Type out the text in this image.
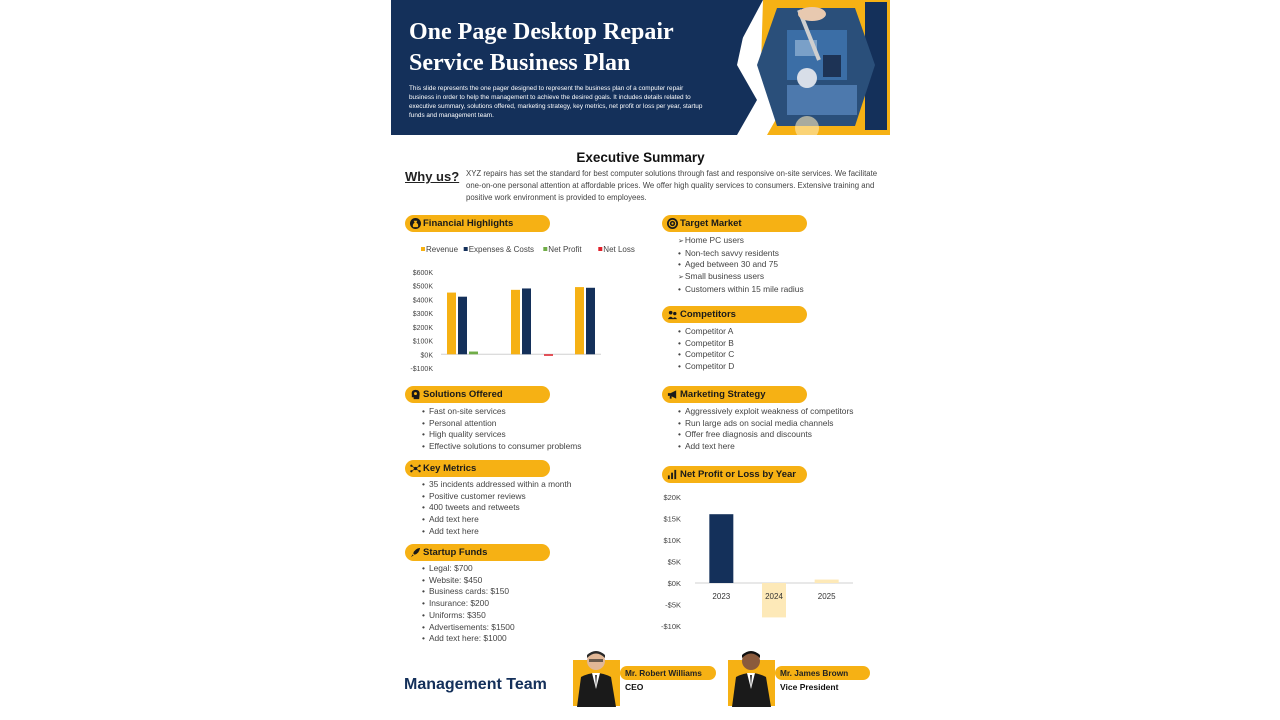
One Page Desktop Repair Service Business Plan
This slide represents the one pager designed to represent the business plan of a computer repair business in order to help the management to achieve the desired goals. It includes details related to executive summary, solutions offered, marketing strategy, key metrics, net profit or loss per year, startup funds and management team.
Executive Summary
Why us? XYZ repairs has set the standard for best computer solutions through fast and responsive on-site services. We facilitate one-on-one personal attention at affordable prices. We offer high quality services to consumers. Extensive training and positive work environment is provided to employees.
Financial Highlights
Revenue Expenses & Costs Net Profit	Net Loss
-$100K
$0K
$100K
$200K
$300K
$400K
$500K
$600K
Target Market
➢ Home PC users
• Non-tech savvy residents
• Aged between 30 and 75
➢ Small business users
• Customers within 15 mile radius
Competitors
• Competitor A
• Competitor B
• Competitor C
• Competitor D
Solutions Offered
• Fast on-site services
• Personal attention
• High quality services
• Effective solutions to consumer problems
Marketing Strategy
• Aggressively exploit weakness of competitors
• Run large ads on social media channels
• Offer free diagnosis and discounts
• Add text here
Key Metrics
• 35 incidents addressed within a month
• Positive customer reviews
• 400 tweets and retweets
• Add text here
• Add text here
Net Profit or Loss by Year
-$10K
-$5K
$0K
$5K
$10K
$15K
$20K
2023	2024	2025
Startup Funds
• Legal: $700
• Website: $450
• Business cards: $150
• Insurance: $200
• Uniforms: $350
• Advertisements: $1500
• Add text here: $1000
Management Team
Mr. Robert Williams
CEO
Mr. James Brown
Vice President
